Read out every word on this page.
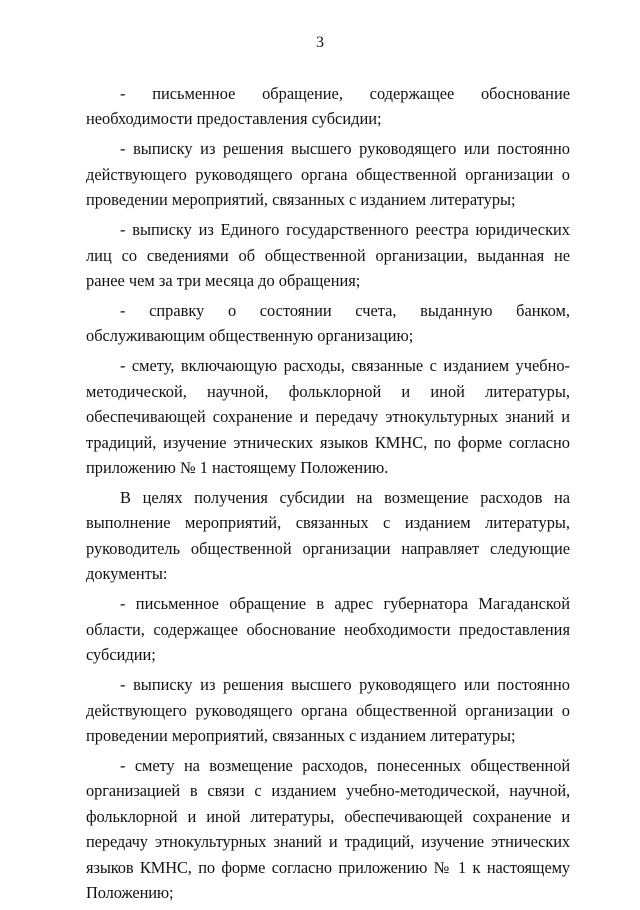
3

- письменное обращение, содержащее обоснование необходимости предоставления субсидии;

- выписку из решения высшего руководящего или постоянно действующего руководящего органа общественной организации о проведении мероприятий, связанных с изданием литературы;

- выписку из Единого государственного реестра юридических лиц со сведениями об общественной организации, выданная не ранее чем за три месяца до обращения;

- справку о состоянии счета, выданную банком, обслуживающим общественную организацию;

- смету, включающую расходы, связанные с изданием учебно-методической, научной, фольклорной и иной литературы, обеспечивающей сохранение и передачу этнокультурных знаний и традиций, изучение этнических языков КМНС, по форме согласно приложению № 1 настоящему Положению.

В целях получения субсидии на возмещение расходов на выполнение мероприятий, связанных с изданием литературы, руководитель общественной организации направляет следующие документы:

- письменное обращение в адрес губернатора Магаданской области, содержащее обоснование необходимости предоставления субсидии;

- выписку из решения высшего руководящего или постоянно действующего руководящего органа общественной организации о проведении мероприятий, связанных с изданием литературы;

- смету на возмещение расходов, понесенных общественной организацией в связи с изданием учебно-методической, научной, фольклорной и иной литературы, обеспечивающей сохранение и передачу этнокультурных знаний и традиций, изучение этнических языков КМНС, по форме согласно приложению № 1 к настоящему Положению;
